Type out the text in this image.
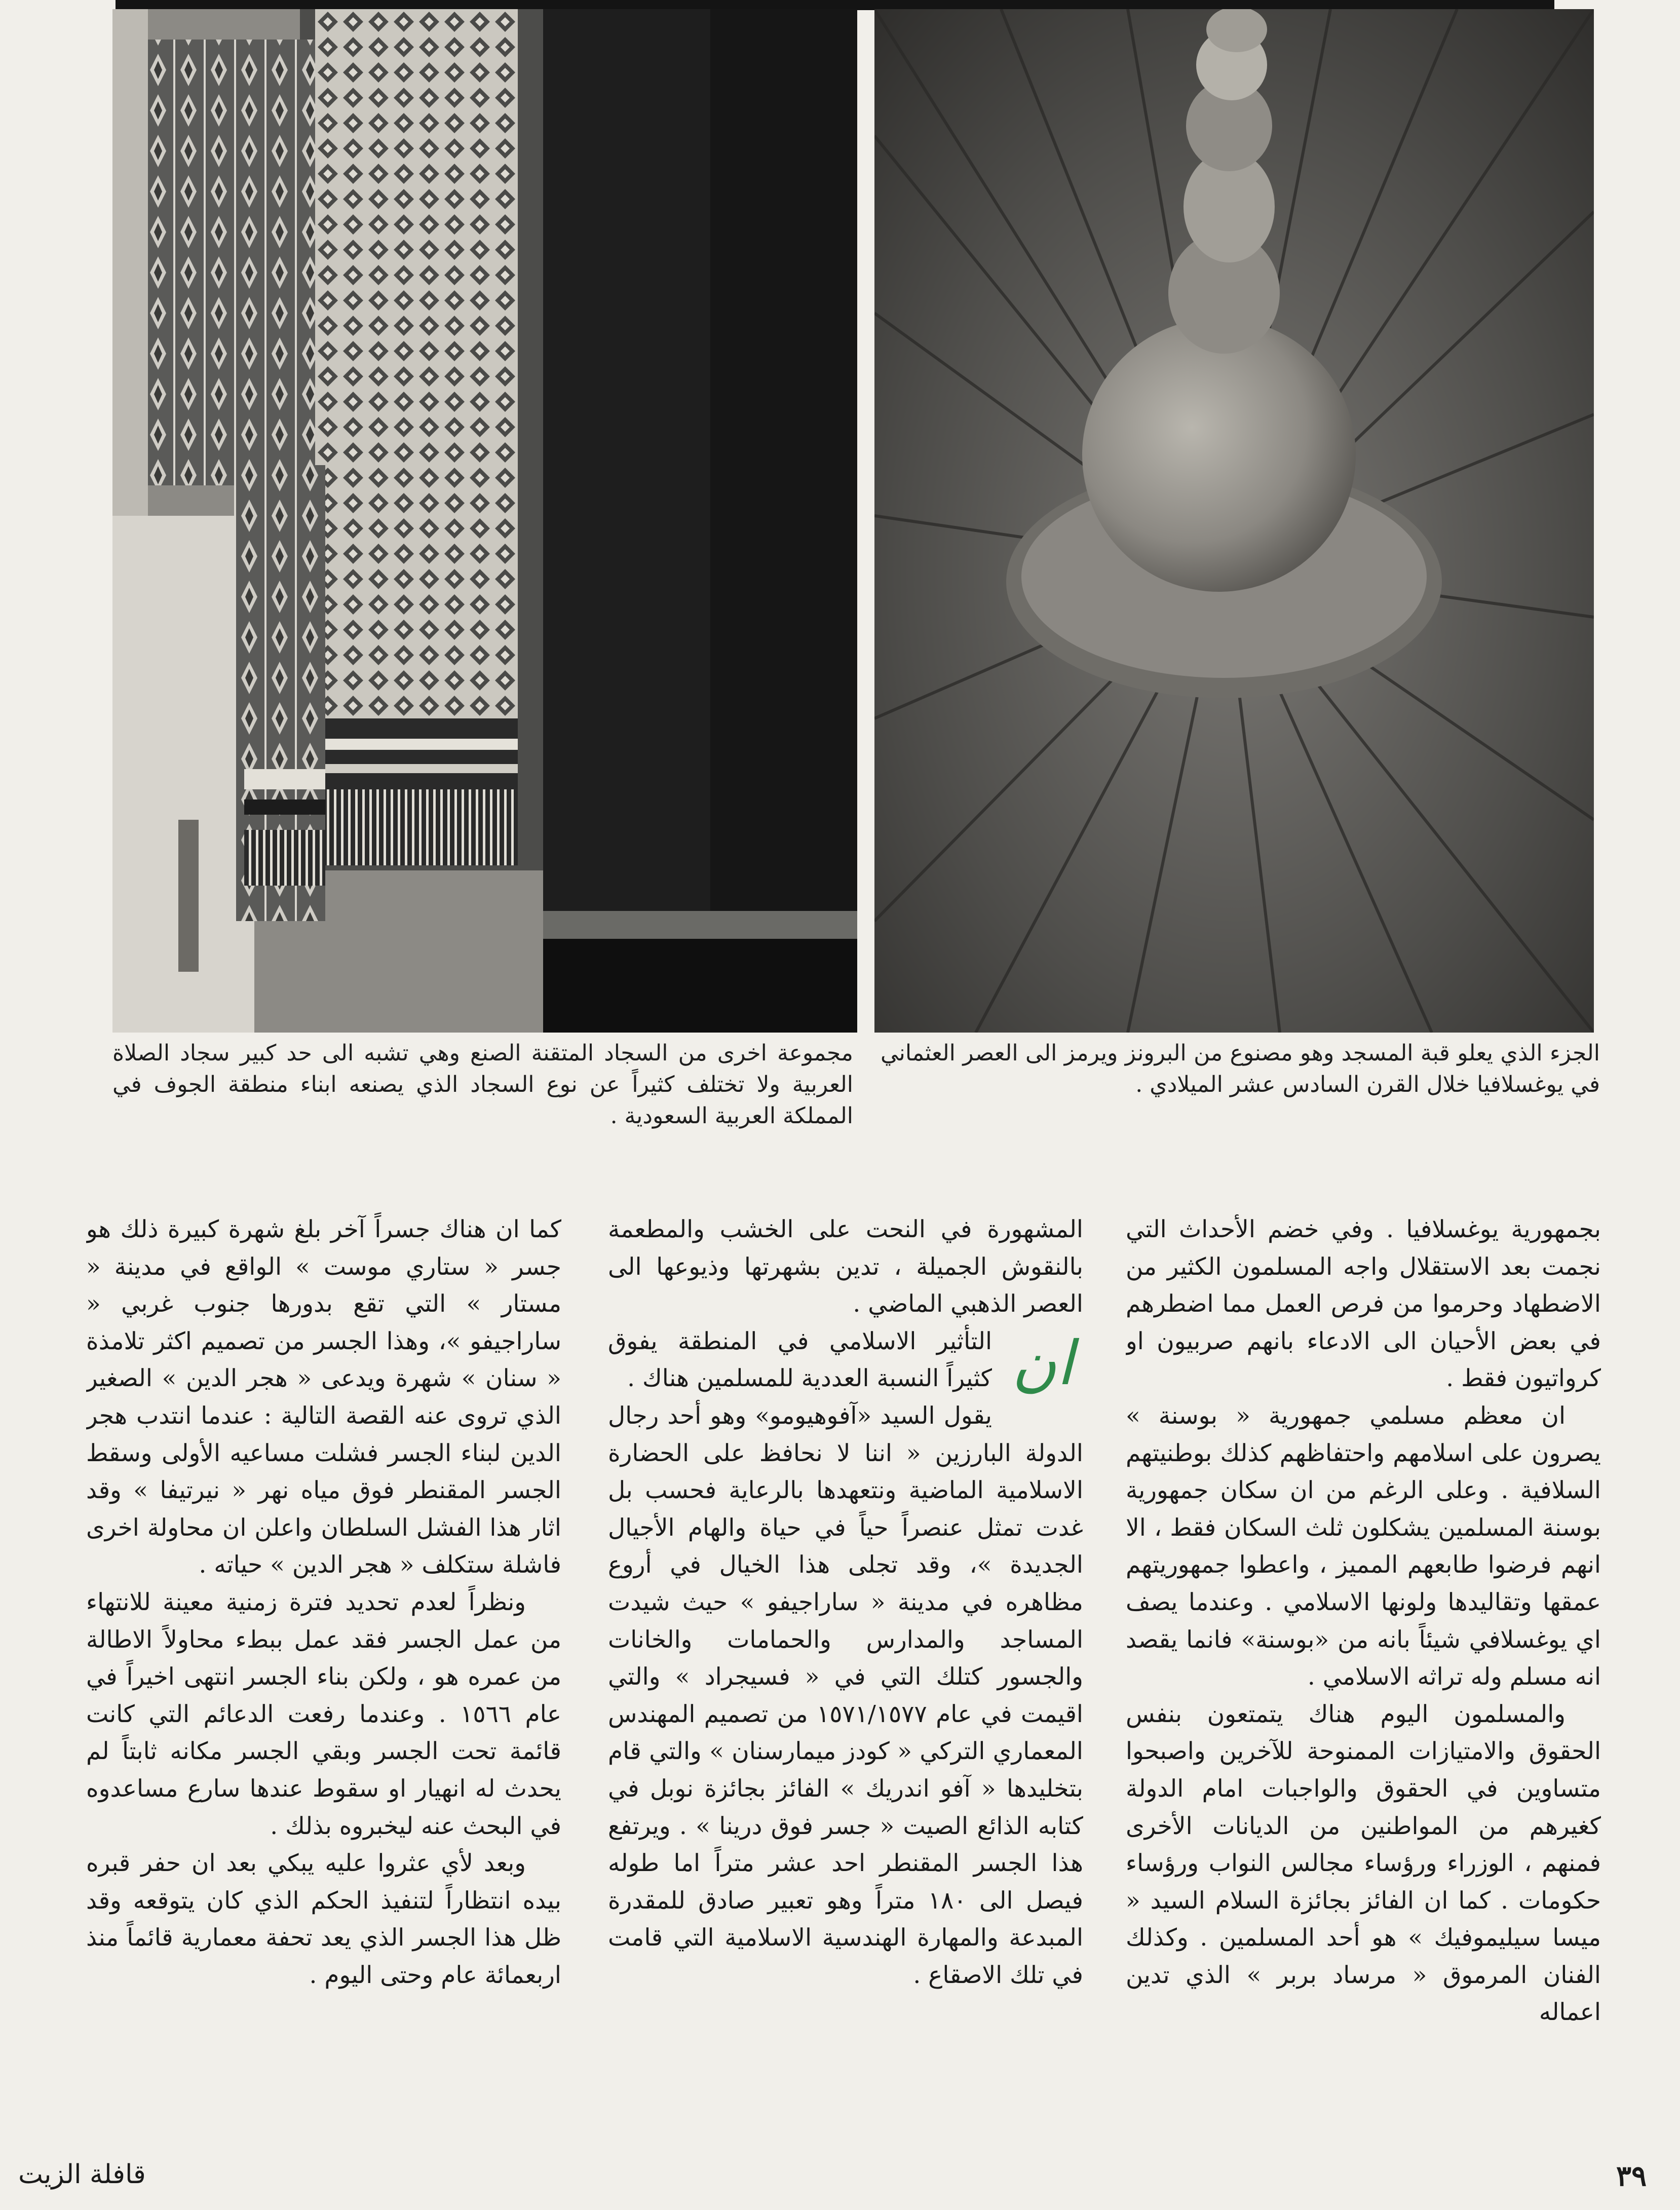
مجموعة اخرى من السجاد المتقنة الصنع وهي تشبه الى حد كبير سجاد الصلاة العربية ولا تختلف كثيراً عن نوع السجاد الذي يصنعه ابناء منطقة الجوف في المملكة العربية السعودية .
الجزء الذي يعلو قبة المسجد وهو مصنوع من البرونز ويرمز الى العصر العثماني في يوغسلافيا خلال القرن السادس عشر الميلادي .

بجمهورية يوغسلافيا . وفي خضم الأحداث التي نجمت بعد الاستقلال واجه المسلمون الكثير من الاضطهاد وحرموا من فرص العمل مما اضطرهم في بعض الأحيان الى الادعاء بانهم صربيون او كرواتيون فقط .

ان معظم مسلمي جمهورية « بوسنة » يصرون على اسلامهم واحتفاظهم كذلك بوطنيتهم السلافية . وعلى الرغم من ان سكان جمهورية بوسنة المسلمين يشكلون ثلث السكان فقط ، الا انهم فرضوا طابعهم المميز ، واعطوا جمهوريتهم عمقها وتقاليدها ولونها الاسلامي . وعندما يصف اي يوغسلافي شيئاً بانه من «بوسنة» فانما يقصد انه مسلم وله تراثه الاسلامي .

والمسلمون اليوم هناك يتمتعون بنفس الحقوق والامتيازات الممنوحة للآخرين واصبحوا متساوين في الحقوق والواجبات امام الدولة كغيرهم من المواطنين من الديانات الأخرى فمنهم ، الوزراء ورؤساء مجالس النواب ورؤساء حكومات . كما ان الفائز بجائزة السلام السيد « ميسا سيليموفيك » هو أحد المسلمين . وكذلك الفنان المرموق « مرساد بربر » الذي تدين اعماله

المشهورة في النحت على الخشب والمطعمة بالنقوش الجميلة ، تدين بشهرتها وذيوعها الى العصر الذهبي الماضي .

ان

التأثير الاسلامي في المنطقة يفوق كثيراً النسبة العددية للمسلمين هناك .

يقول السيد «آفوهيومو» وهو أحد رجال الدولة البارزين « اننا لا نحافظ على الحضارة الاسلامية الماضية ونتعهدها بالرعاية فحسب بل غدت تمثل عنصراً حياً في حياة والهام الأجيال الجديدة »، وقد تجلى هذا الخيال في أروع مظاهره في مدينة « ساراجيفو » حيث شيدت المساجد والمدارس والحمامات والخانات والجسور كتلك التي في « فسيجراد » والتي اقيمت في عام ١٥٧١/١٥٧٧ من تصميم المهندس المعماري التركي « كودز ميمارسنان » والتي قام بتخليدها « آفو اندريك » الفائز بجائزة نوبل في كتابه الذائع الصيت « جسر فوق درينا » . ويرتفع هذا الجسر المقنطر احد عشر متراً اما طوله فيصل الى ١٨٠ متراً وهو تعبير صادق للمقدرة المبدعة والمهارة الهندسية الاسلامية التي قامت في تلك الاصقاع .

كما ان هناك جسراً آخر بلغ شهرة كبيرة ذلك هو جسر « ستاري موست » الواقع في مدينة « مستار » التي تقع بدورها جنوب غربي « ساراجيفو »، وهذا الجسر من تصميم اكثر تلامذة « سنان » شهرة ويدعى « هجر الدين » الصغير الذي تروى عنه القصة التالية : عندما انتدب هجر الدين لبناء الجسر فشلت مساعيه الأولى وسقط الجسر المقنطر فوق مياه نهر « نيرتيفا » وقد اثار هذا الفشل السلطان واعلن ان محاولة اخرى فاشلة ستكلف « هجر الدين » حياته .

ونظراً لعدم تحديد فترة زمنية معينة للانتهاء من عمل الجسر فقد عمل ببطء محاولاً الاطالة من عمره هو ، ولكن بناء الجسر انتهى اخيراً في عام ١٥٦٦ . وعندما رفعت الدعائم التي كانت قائمة تحت الجسر وبقي الجسر مكانه ثابتاً لم يحدث له انهيار او سقوط عندها سارع مساعدوه في البحث عنه ليخبروه بذلك .

وبعد لأي عثروا عليه يبكي بعد ان حفر قبره بيده انتظاراً لتنفيذ الحكم الذي كان يتوقعه وقد ظل هذا الجسر الذي يعد تحفة معمارية قائماً منذ اربعمائة عام وحتى اليوم .

٣٩
قافلة الزيت
